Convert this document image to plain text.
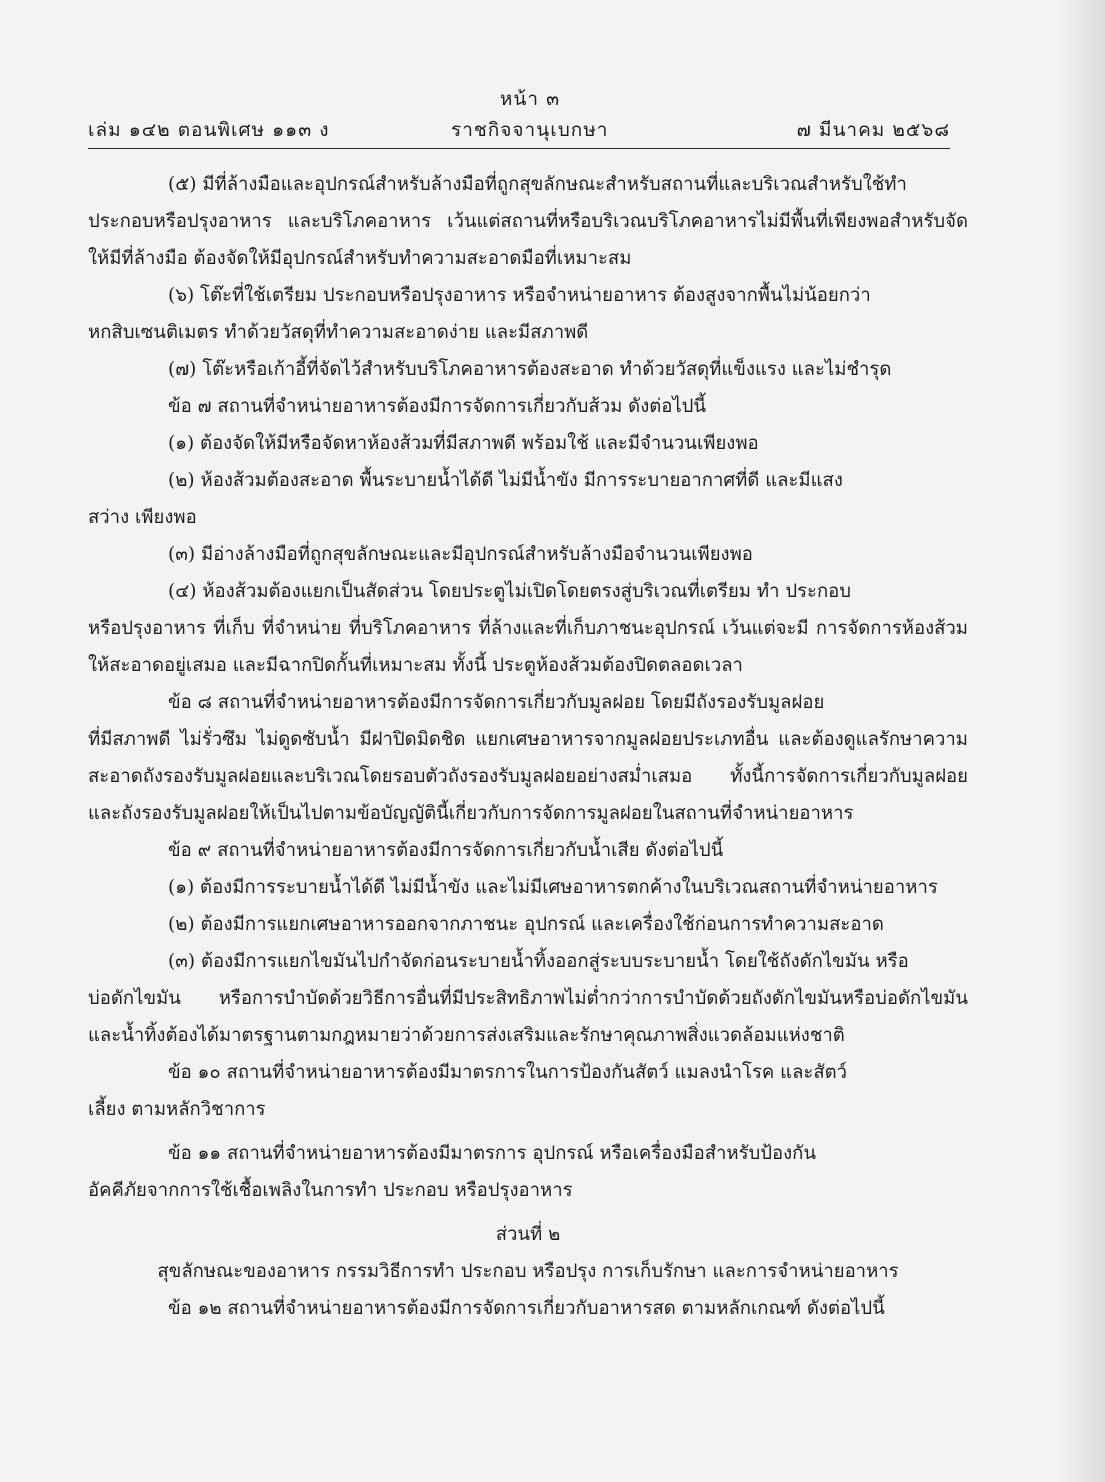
หน้า ๓
เล่ม ๑๔๒ ตอนพิเศษ ๑๑๓ ง	ราชกิจจานุเบกษา	๗ มีนาคม ๒๕๖๘

(๕) มีที่ล้างมือและอุปกรณ์สำหรับล้างมือที่ถูกสุขลักษณะสำหรับสถานที่และบริเวณสำหรับใช้ทำ

ประกอบหรือปรุงอาหาร และบริโภคอาหาร เว้นแต่สถานที่หรือบริเวณบริโภคอาหารไม่มีพื้นที่เพียงพอสำหรับจัดให้มีที่ล้างมือ ต้องจัดให้มีอุปกรณ์สำหรับทำความสะอาดมือที่เหมาะสม

(๖) โต๊ะที่ใช้เตรียม ประกอบหรือปรุงอาหาร หรือจำหน่ายอาหาร ต้องสูงจากพื้นไม่น้อยกว่า

หกสิบเซนติเมตร ทำด้วยวัสดุที่ทำความสะอาดง่าย และมีสภาพดี

(๗) โต๊ะหรือเก้าอี้ที่จัดไว้สำหรับบริโภคอาหารต้องสะอาด ทำด้วยวัสดุที่แข็งแรง และไม่ชำรุด

ข้อ ๗ สถานที่จำหน่ายอาหารต้องมีการจัดการเกี่ยวกับส้วม ดังต่อไปนี้

(๑) ต้องจัดให้มีหรือจัดหาห้องส้วมที่มีสภาพดี พร้อมใช้ และมีจำนวนเพียงพอ

(๒) ห้องส้วมต้องสะอาด พื้นระบายน้ำได้ดี ไม่มีน้ำขัง มีการระบายอากาศที่ดี และมีแสง

สว่าง เพียงพอ

(๓) มีอ่างล้างมือที่ถูกสุขลักษณะและมีอุปกรณ์สำหรับล้างมือจำนวนเพียงพอ

(๔) ห้องส้วมต้องแยกเป็นสัดส่วน โดยประตูไม่เปิดโดยตรงสู่บริเวณที่เตรียม ทำ ประกอบ

หรือปรุงอาหาร ที่เก็บ ที่จำหน่าย ที่บริโภคอาหาร ที่ล้างและที่เก็บภาชนะอุปกรณ์ เว้นแต่จะมี การจัดการห้องส้วมให้สะอาดอยู่เสมอ และมีฉากปิดกั้นที่เหมาะสม ทั้งนี้ ประตูห้องส้วมต้องปิดตลอดเวลา

ข้อ ๘ สถานที่จำหน่ายอาหารต้องมีการจัดการเกี่ยวกับมูลฝอย โดยมีถังรองรับมูลฝอย

ที่มีสภาพดี ไม่รั่วซึม ไม่ดูดซับน้ำ มีฝาปิดมิดชิด แยกเศษอาหารจากมูลฝอยประเภทอื่น และต้องดูแลรักษาความสะอาดถังรองรับมูลฝอยและบริเวณโดยรอบตัวถังรองรับมูลฝอยอย่างสม่ำเสมอ ทั้งนี้การจัดการเกี่ยวกับมูลฝอยและถังรองรับมูลฝอยให้เป็นไปตามข้อบัญญัตินี้เกี่ยวกับการจัดการมูลฝอยในสถานที่จำหน่ายอาหาร

ข้อ ๙ สถานที่จำหน่ายอาหารต้องมีการจัดการเกี่ยวกับน้ำเสีย ดังต่อไปนี้

(๑) ต้องมีการระบายน้ำได้ดี ไม่มีน้ำขัง และไม่มีเศษอาหารตกค้างในบริเวณสถานที่จำหน่ายอาหาร

(๒) ต้องมีการแยกเศษอาหารออกจากภาชนะ อุปกรณ์ และเครื่องใช้ก่อนการทำความสะอาด

(๓) ต้องมีการแยกไขมันไปกำจัดก่อนระบายน้ำทิ้งออกสู่ระบบระบายน้ำ โดยใช้ถังดักไขมัน หรือ

บ่อดักไขมัน หรือการบำบัดด้วยวิธีการอื่นที่มีประสิทธิภาพไม่ต่ำกว่าการบำบัดด้วยถังดักไขมันหรือบ่อดักไขมันและน้ำทิ้งต้องได้มาตรฐานตามกฎหมายว่าด้วยการส่งเสริมและรักษาคุณภาพสิ่งแวดล้อมแห่งชาติ

ข้อ ๑๐ สถานที่จำหน่ายอาหารต้องมีมาตรการในการป้องกันสัตว์ แมลงนำโรค และสัตว์

เลี้ยง ตามหลักวิชาการ

ข้อ ๑๑ สถานที่จำหน่ายอาหารต้องมีมาตรการ อุปกรณ์ หรือเครื่องมือสำหรับป้องกัน

อัคคีภัยจากการใช้เชื้อเพลิงในการทำ ประกอบ หรือปรุงอาหาร

ส่วนที่ ๒

สุขลักษณะของอาหาร กรรมวิธีการทำ ประกอบ หรือปรุง การเก็บรักษา และการจำหน่ายอาหาร

ข้อ ๑๒ สถานที่จำหน่ายอาหารต้องมีการจัดการเกี่ยวกับอาหารสด ตามหลักเกณฑ์ ดังต่อไปนี้
